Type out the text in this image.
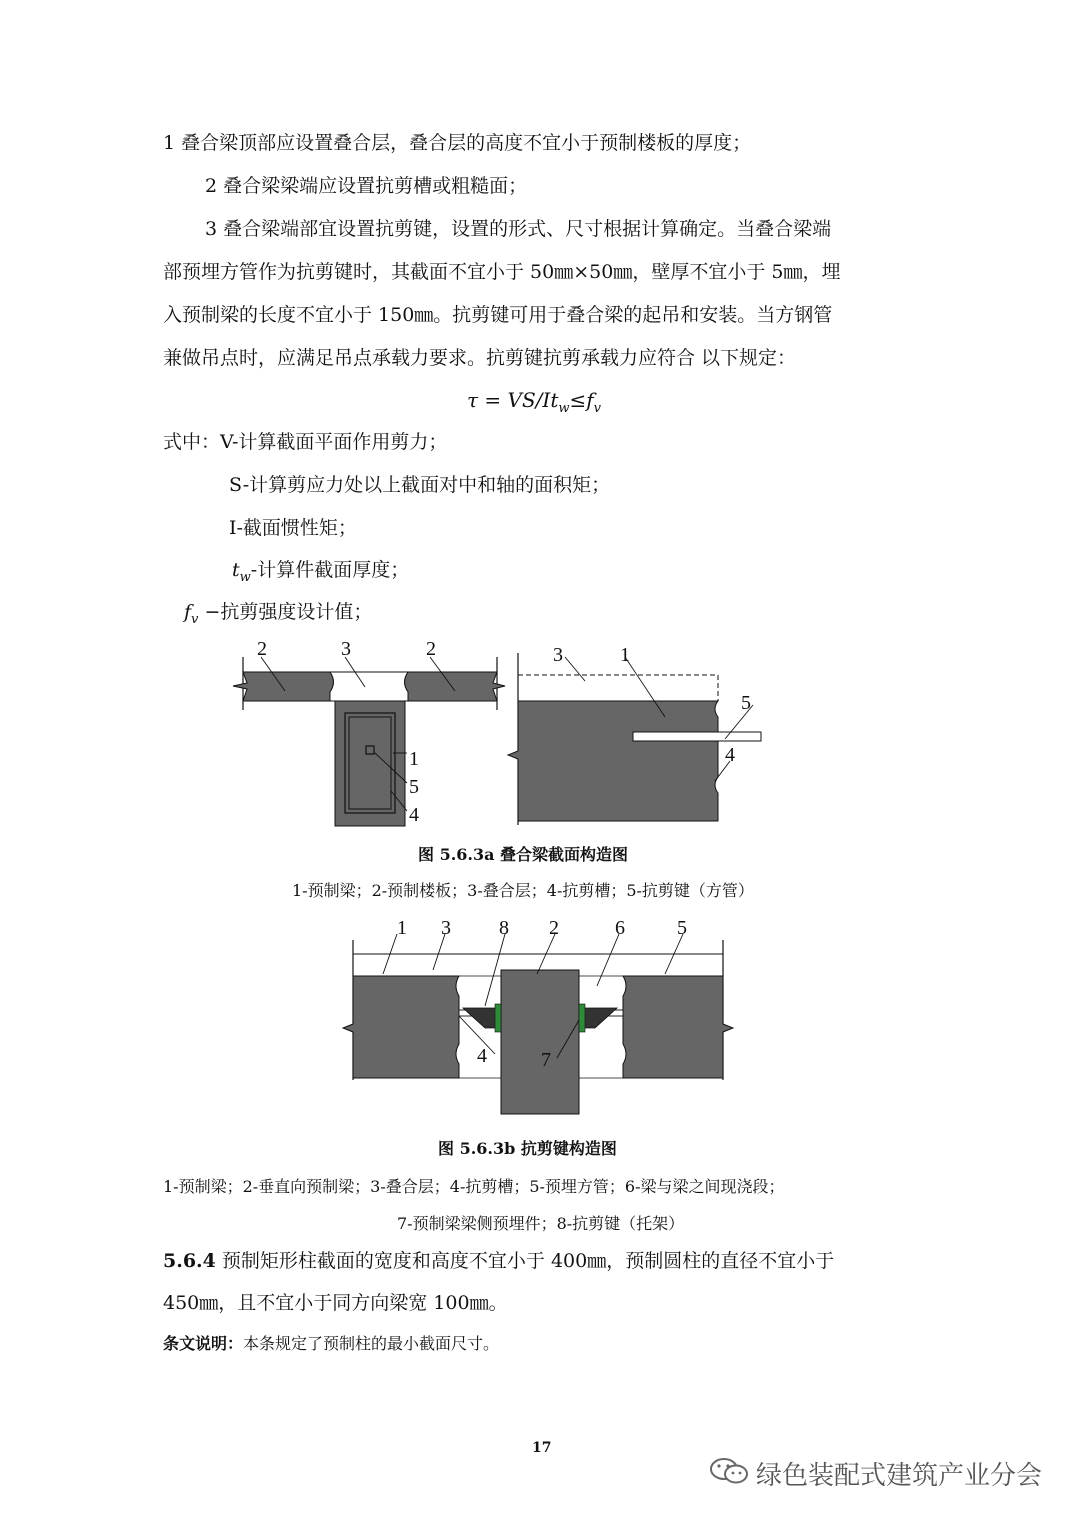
1 叠合梁顶部应设置叠合层，叠合层的高度不宜小于预制楼板的厚度；
2 叠合梁梁端应设置抗剪槽或粗糙面；
3 叠合梁端部宜设置抗剪键，设置的形式、尺寸根据计算确定。当叠合梁端
部预埋方管作为抗剪键时，其截面不宜小于 50㎜×50㎜，壁厚不宜小于 5㎜，埋
入预制梁的长度不宜小于 150㎜。抗剪键可用于叠合梁的起吊和安装。当方钢管
兼做吊点时，应满足吊点承载力要求。抗剪键抗剪承载力应符合 以下规定：
$\tau = VS/It_w\le f_v$
式中：V-计算截面平面作用剪力；
S-计算剪应力处以上截面对中和轴的面积矩；
I-截面惯性矩；
$t_w-$计算件截面厚度；
$f_v$ −抗剪强度设计值；
2	3	2
1
5
4
3	1
5
4
图 5.6.3a 叠合梁截面构造图
1-预制梁；2-预制楼板；3-叠合层；4-抗剪槽；5-抗剪键（方管）
1 3 8 2	6	5
4	7
图 5.6.3b 抗剪键构造图
1-预制梁；2-垂直向预制梁；3-叠合层；4-抗剪槽；5-预埋方管；6-梁与梁之间现浇段；
7-预制梁梁侧预埋件；8-抗剪键（托架）
5.6.4 预制矩形柱截面的宽度和高度不宜小于 400㎜，预制圆柱的直径不宜小于
450㎜，且不宜小于同方向梁宽 100㎜。
条文说明：本条规定了预制柱的最小截面尺寸。
17
绿色装配式建筑产业分会
